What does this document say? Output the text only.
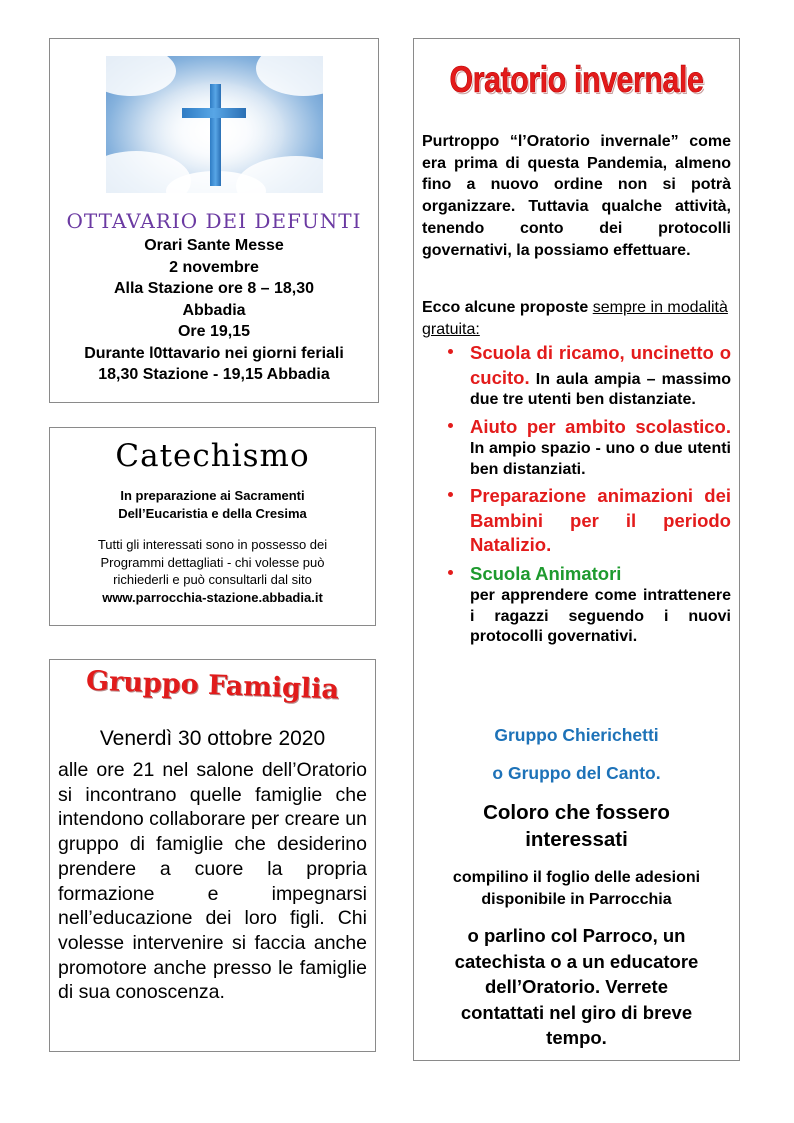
OTTAVARIO DEI DEFUNTI
Orari Sante Messe
2 novembre
Alla Stazione ore 8 – 18,30
Abbadia
Ore 19,15
Durante l0ttavario nei giorni feriali
18,30 Stazione - 19,15 Abbadia
Catechismo
In preparazione ai Sacramenti
Dell’Eucaristia e della Cresima
Tutti gli interessati sono in possesso dei
Programmi dettagliati - chi volesse può
richiederli e può consultarli dal sito
www.parrocchia-stazione.abbadia.it
Gruppo Famiglia
Venerdì 30 ottobre 2020
alle ore 21 nel salone dell’Oratorio si incontrano quelle famiglie che intendono collaborare per creare un gruppo di famiglie che desiderino prendere a cuore la propria formazione e impegnarsi nell’educazione dei loro figli. Chi volesse intervenire si faccia anche promotore anche presso le famiglie di sua conoscenza.
Oratorio invernale
Purtroppo “l’Oratorio invernale” come era prima di questa Pandemia, almeno fino a nuovo ordine non si potrà organizzare. Tuttavia qualche attività, tenendo conto dei protocolli governativi, la possiamo effettuare.
Ecco alcune proposte sempre in modalità gratuita:
Scuola di ricamo, uncinetto o cucito. In aula ampia – massimo due tre utenti ben distanziate.
Aiuto per ambito scolastico. In ampio spazio - uno o due utenti ben distanziati.
Preparazione animazioni dei Bambini per il periodo Natalizio.
Scuola Animatori
per apprendere come intrattenere i ragazzi seguendo i nuovi protocolli governativi.
Gruppo Chierichetti
o Gruppo del Canto.
Coloro che fossero
interessati
compilino il foglio delle adesioni
disponibile in Parrocchia
o parlino col Parroco, un
catechista o a un educatore
dell’Oratorio. Verrete
contattati nel giro di breve
tempo.
